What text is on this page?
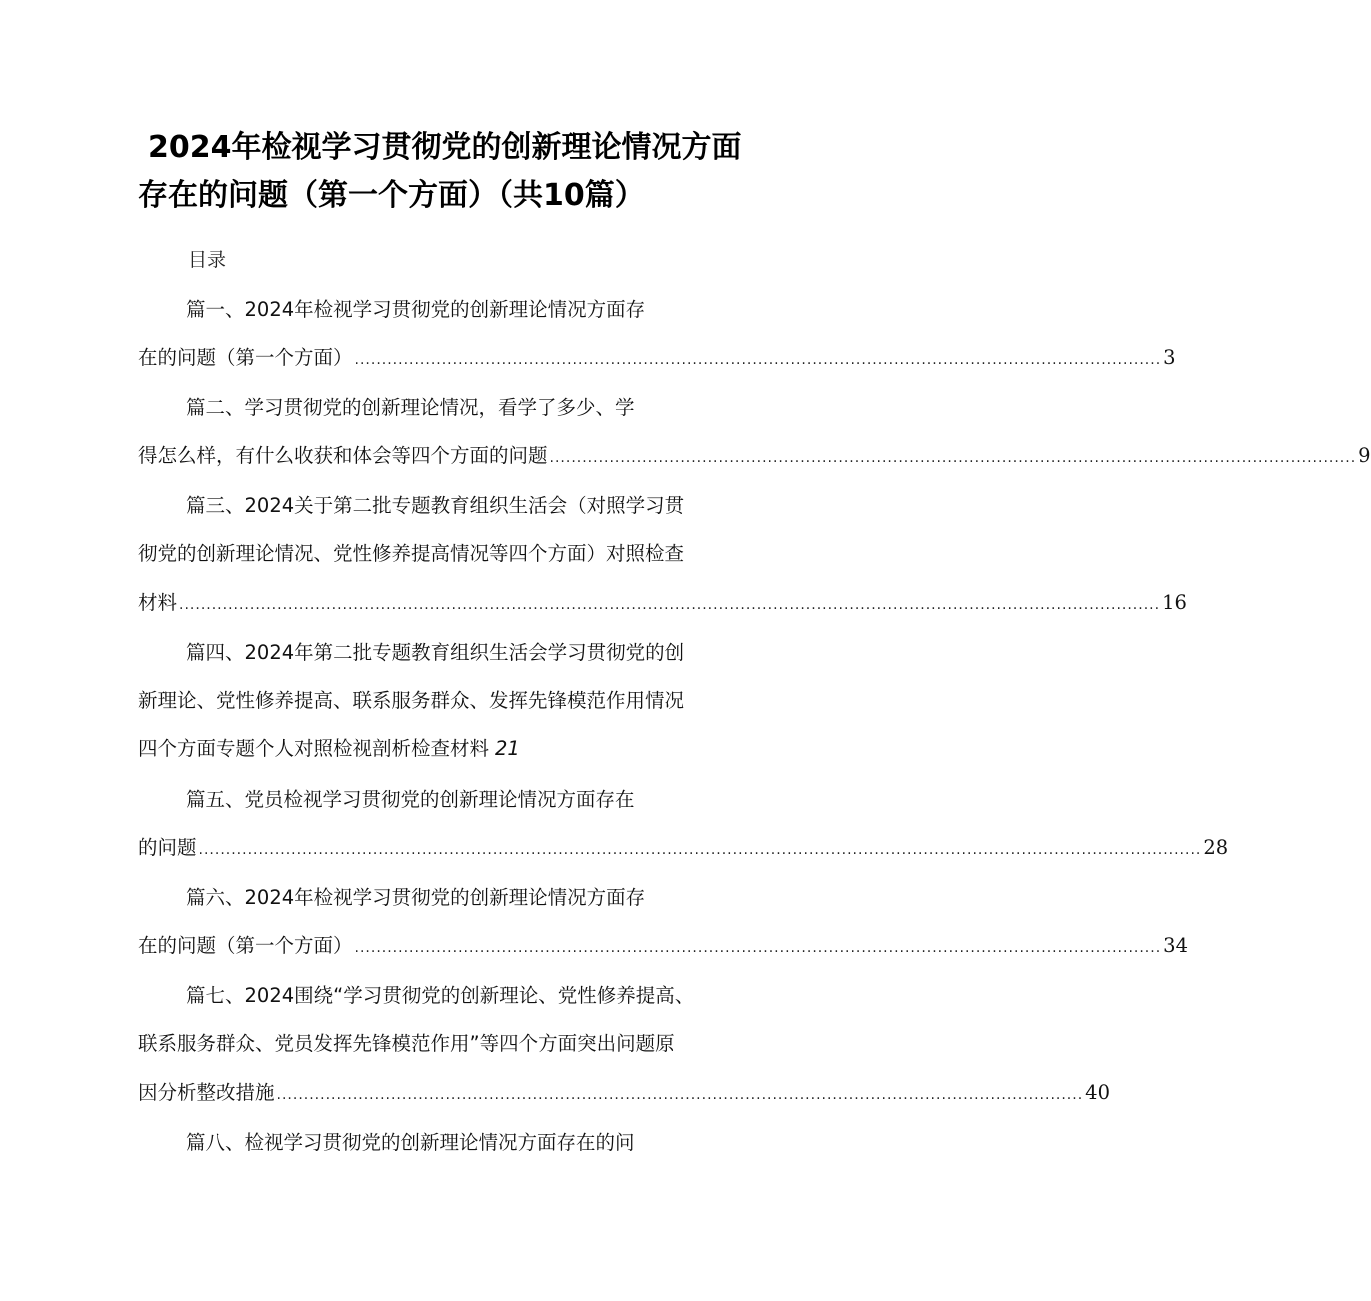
2024年检视学习贯彻党的创新理论情况方面
存在的问题（第一个方面）（共10篇）
目录
篇一、2024年检视学习贯彻党的创新理论情况方面存
在的问题（第一个方面） .................................................................................................................................................... 3
篇二、学习贯彻党的创新理论情况，看学了多少、学
得怎么样，有什么收获和体会等四个方面的问题 .................................................................................................................................................... 9
篇三、2024关于第二批专题教育组织生活会（对照学习贯
彻党的创新理论情况、党性修养提高情况等四个方面）对照检查
材料 .................................................................................................................................................................................... 16
篇四、2024年第二批专题教育组织生活会学习贯彻党的创
新理论、党性修养提高、联系服务群众、发挥先锋模范作用情况
四个方面专题个人对照检视剖析检查材料 21
篇五、党员检视学习贯彻党的创新理论情况方面存在
的问题 ........................................................................................................................................................................................ 28
篇六、2024年检视学习贯彻党的创新理论情况方面存
在的问题（第一个方面） .................................................................................................................................................... 34
篇七、2024围绕“学习贯彻党的创新理论、党性修养提高、
联系服务群众、党员发挥先锋模范作用”等四个方面突出问题原
因分析整改措施 .................................................................................................................................................... 40
篇八、检视学习贯彻党的创新理论情况方面存在的问
